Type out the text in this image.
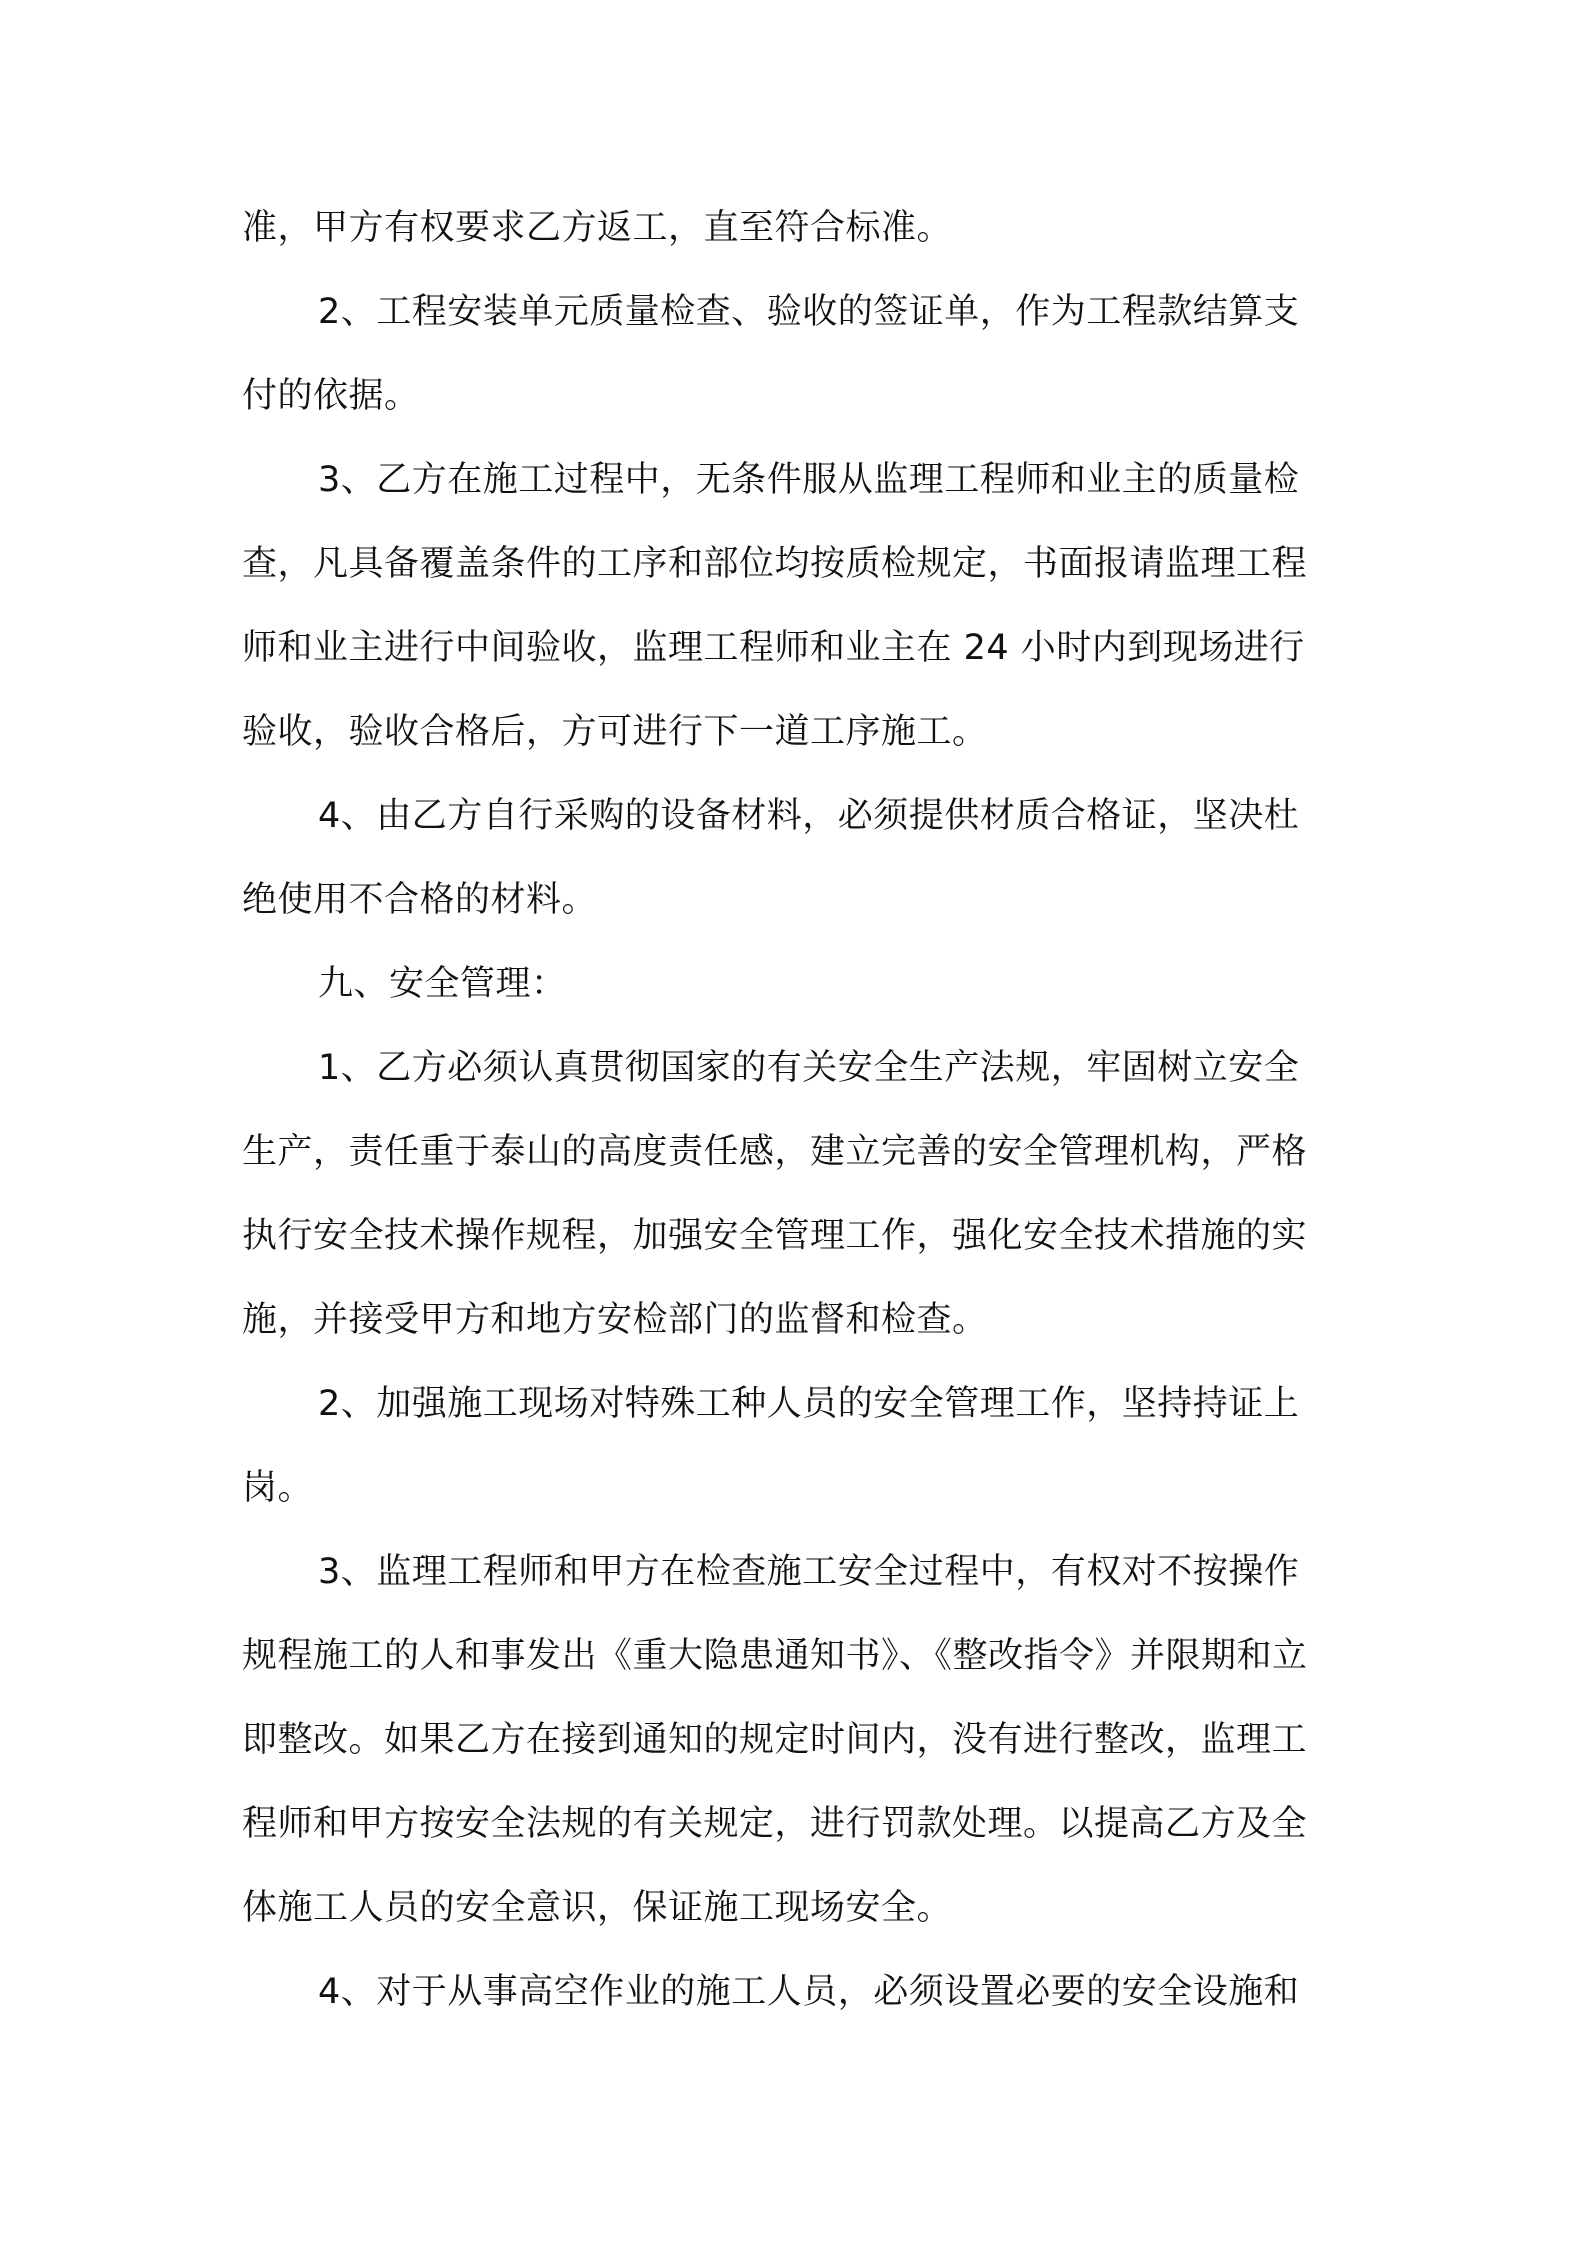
准，甲方有权要求乙方返工，直至符合标准。
2、工程安装单元质量检查、验收的签证单，作为工程款结算支
付的依据。
3、乙方在施工过程中，无条件服从监理工程师和业主的质量检
查，凡具备覆盖条件的工序和部位均按质检规定，书面报请监理工程
师和业主进行中间验收，监理工程师和业主在 24 小时内到现场进行
验收，验收合格后，方可进行下一道工序施工。
4、由乙方自行采购的设备材料，必须提供材质合格证，坚决杜
绝使用不合格的材料。
九、安全管理：
1、乙方必须认真贯彻国家的有关安全生产法规，牢固树立安全
生产，责任重于泰山的高度责任感，建立完善的安全管理机构，严格
执行安全技术操作规程，加强安全管理工作，强化安全技术措施的实
施，并接受甲方和地方安检部门的监督和检查。
2、加强施工现场对特殊工种人员的安全管理工作，坚持持证上
岗。
3、监理工程师和甲方在检查施工安全过程中，有权对不按操作
规程施工的人和事发出《重大隐患通知书》、《整改指令》并限期和立
即整改。如果乙方在接到通知的规定时间内，没有进行整改，监理工
程师和甲方按安全法规的有关规定，进行罚款处理。以提高乙方及全
体施工人员的安全意识，保证施工现场安全。
4、对于从事高空作业的施工人员，必须设置必要的安全设施和
